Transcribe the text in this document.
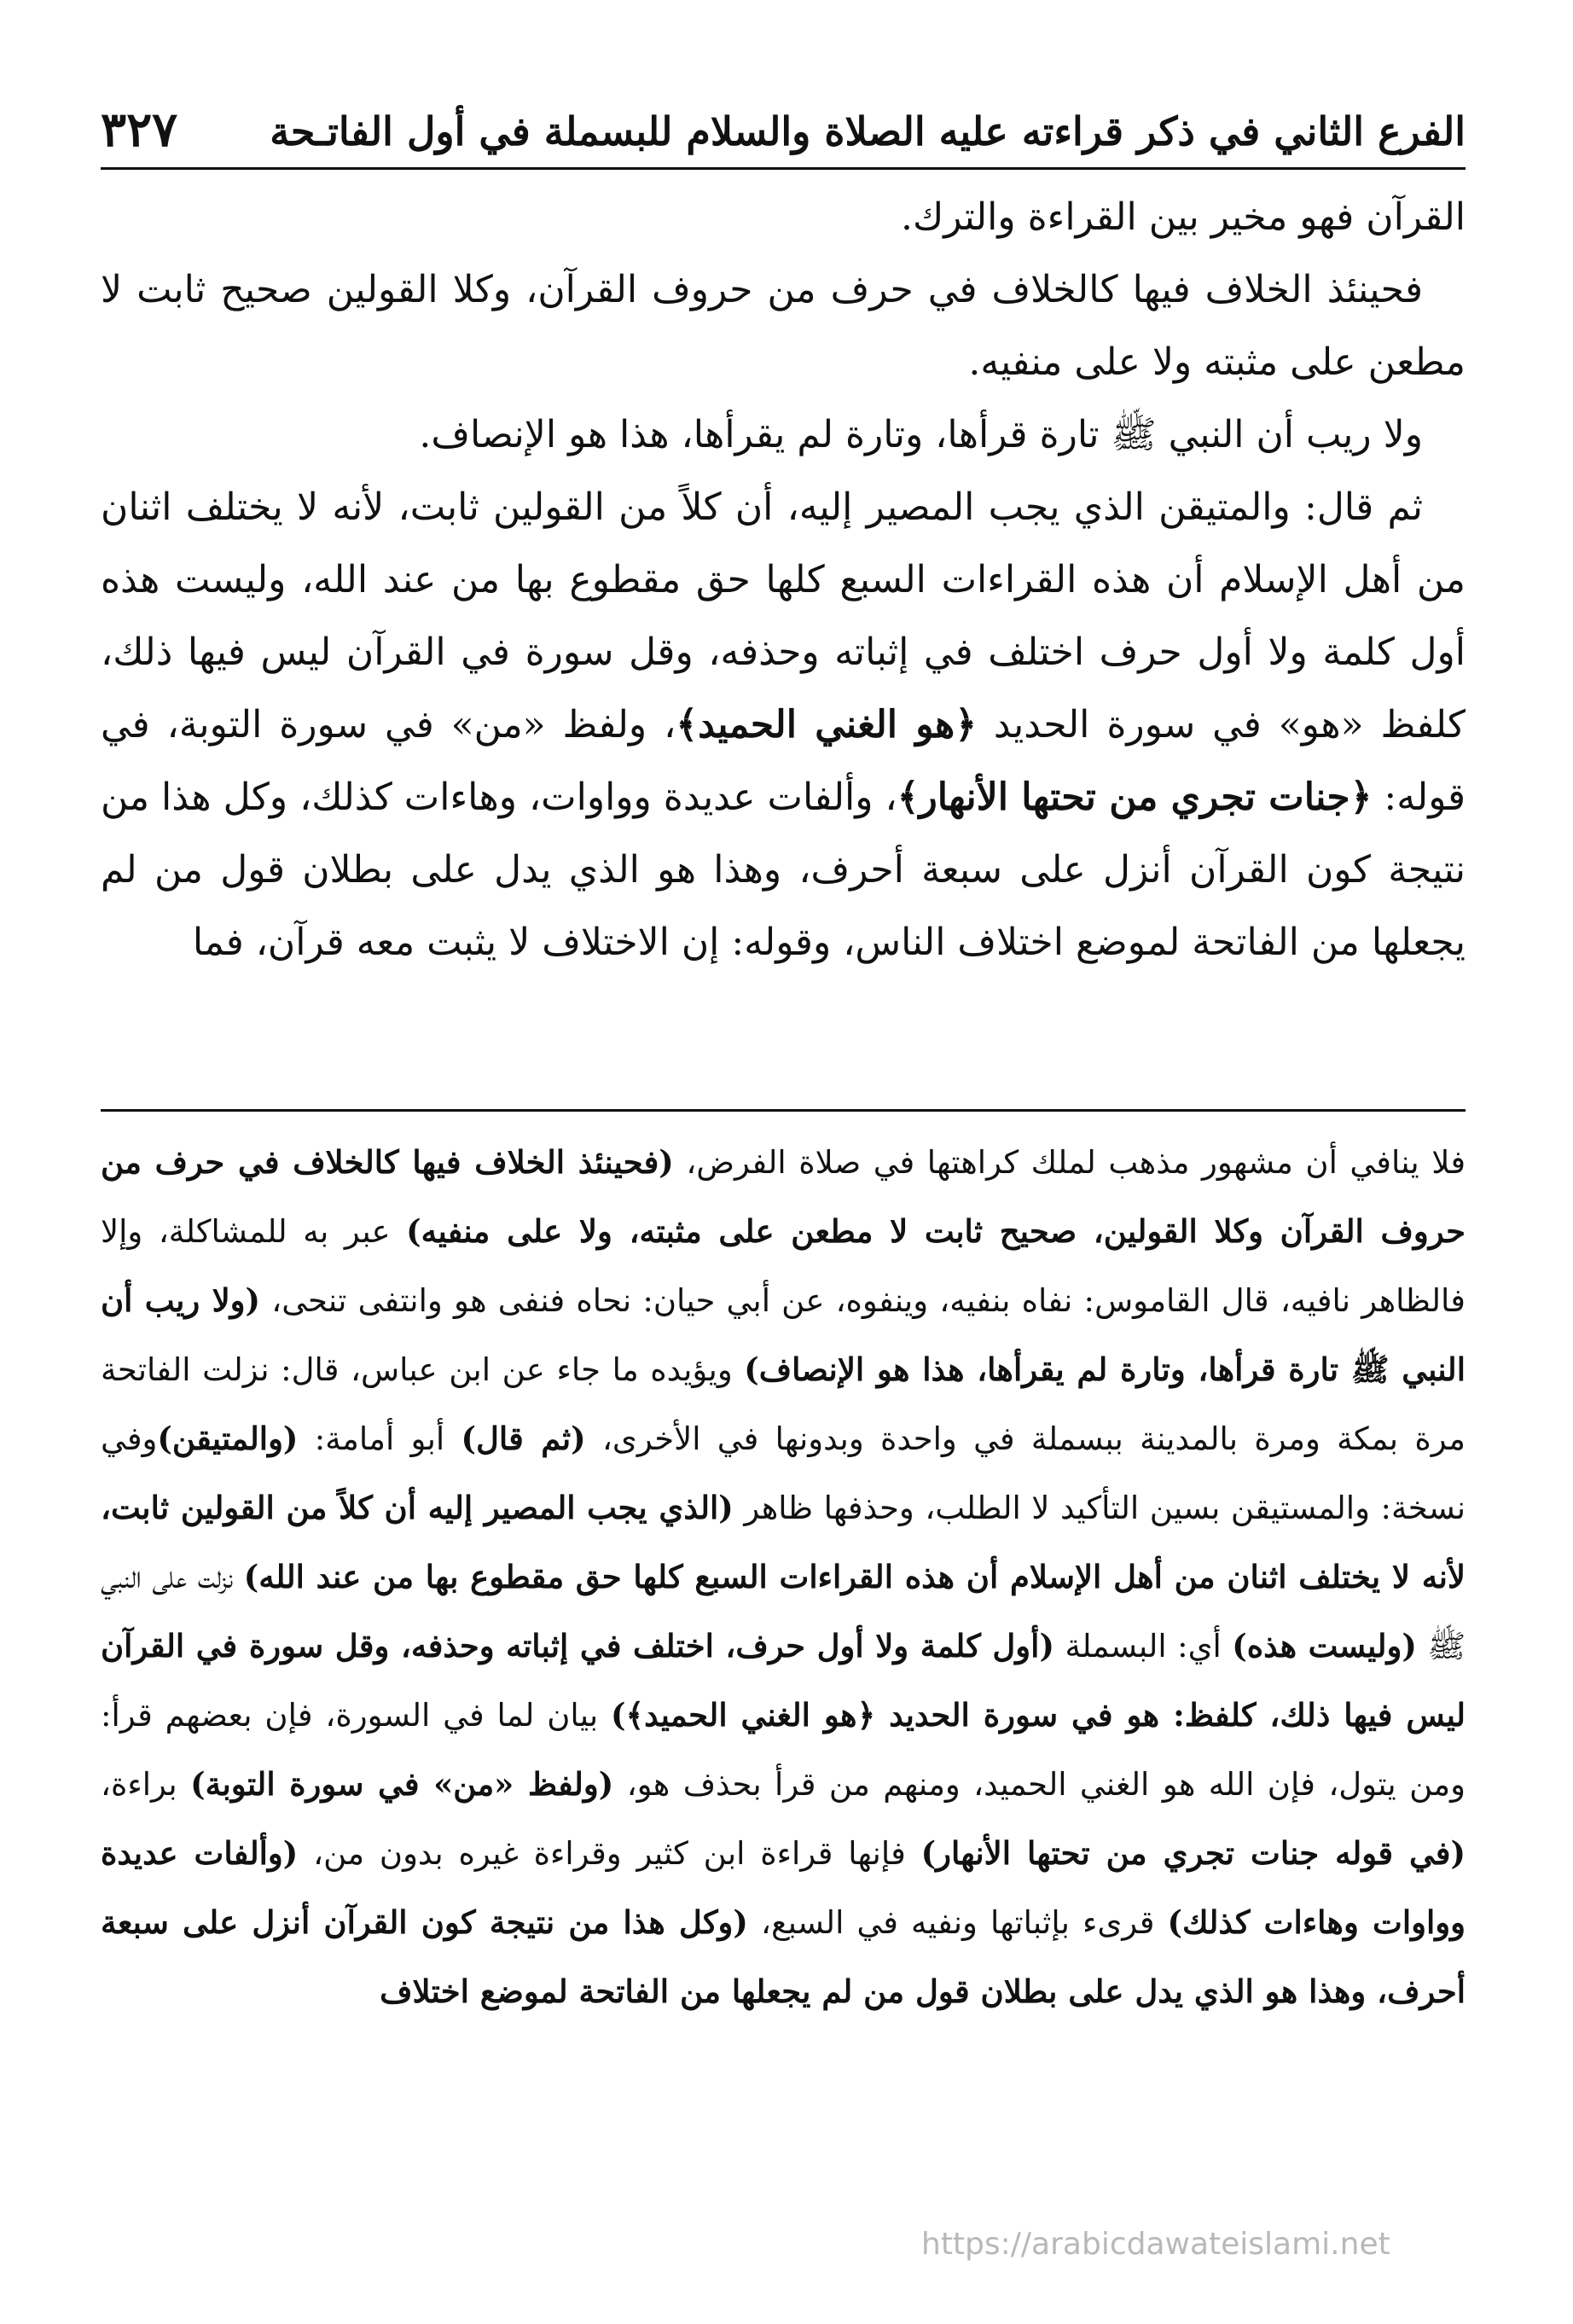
الفرع الثاني في ذكر قراءته عليه الصلاة والسلام للبسملة في أول الفاتـحة
٣٢٧

القرآن فهو مخير بين القراءة والترك.

فحينئذ الخلاف فيها كالخلاف في حرف من حروف القرآن، وكلا القولين صحيح ثابت لا مطعن على مثبته ولا على منفيه.

ولا ريب أن النبي ﷺ تارة قرأها، وتارة لم يقرأها، هذا هو الإنصاف.

ثم قال: والمتيقن الذي يجب المصير إليه، أن كلاً من القولين ثابت، لأنه لا يختلف اثنان من أهل الإسلام أن هذه القراءات السبع كلها حق مقطوع بها من عند الله، وليست هذه أول كلمة ولا أول حرف اختلف في إثباته وحذفه، وقل سورة في القرآن ليس فيها ذلك، كلفظ «هو» في سورة الحديد ﴿هو الغني الحميد﴾، ولفظ «من» في سورة التوبة، في قوله: ﴿جنات تجري من تحتها الأنهار﴾، وألفات عديدة وواوات، وهاءات كذلك، وكل هذا من نتيجة كون القرآن أنزل على سبعة أحرف، وهذا هو الذي يدل على بطلان قول من لم يجعلها من الفاتحة لموضع اختلاف الناس، وقوله: إن الاختلاف لا يثبت معه قرآن، فما

فلا ينافي أن مشهور مذهب لملك كراهتها في صلاة الفرض، (فحينئذ الخلاف فيها كالخلاف في حرف من حروف القرآن وكلا القولين، صحيح ثابت لا مطعن على مثبته، ولا على منفيه) عبر به للمشاكلة، وإلا فالظاهر نافيه، قال القاموس: نفاه بنفيه، وينفوه، عن أبي حيان: نحاه فنفى هو وانتفى تنحى، (ولا ريب أن النبي ﷺ تارة قرأها، وتارة لم يقرأها، هذا هو الإنصاف) ويؤيده ما جاء عن ابن عباس، قال: نزلت الفاتحة مرة بمكة ومرة بالمدينة ببسملة في واحدة وبدونها في الأخرى، (ثم قال) أبو أمامة: (والمتيقن)وفي نسخة: والمستيقن بسين التأكيد لا الطلب، وحذفها ظاهر (الذي يجب المصير إليه أن كلاً من القولين ثابت، لأنه لا يختلف اثنان من أهل الإسلام أن هذه القراءات السبع كلها حق مقطوع بها من عند الله) نزلت على النبي ﷺ (وليست هذه) أي: البسملة (أول كلمة ولا أول حرف، اختلف في إثباته وحذفه، وقل سورة في القرآن ليس فيها ذلك، كلفظ: هو في سورة الحديد ﴿هو الغني الحميد﴾) بيان لما في السورة، فإن بعضهم قرأ: ومن يتول، فإن الله هو الغني الحميد، ومنهم من قرأ بحذف هو، (ولفظ «من» في سورة التوبة) براءة، (في قوله جنات تجري من تحتها الأنهار) فإنها قراءة ابن كثير وقراءة غيره بدون من، (وألفات عديدة وواوات وهاءات كذلك) قرىء بإثباتها ونفيه في السبع، (وكل هذا من نتيجة كون القرآن أنزل على سبعة أحرف، وهذا هو الذي يدل على بطلان قول من لم يجعلها من الفاتحة لموضع اختلاف

https://arabicdawateislami.net
